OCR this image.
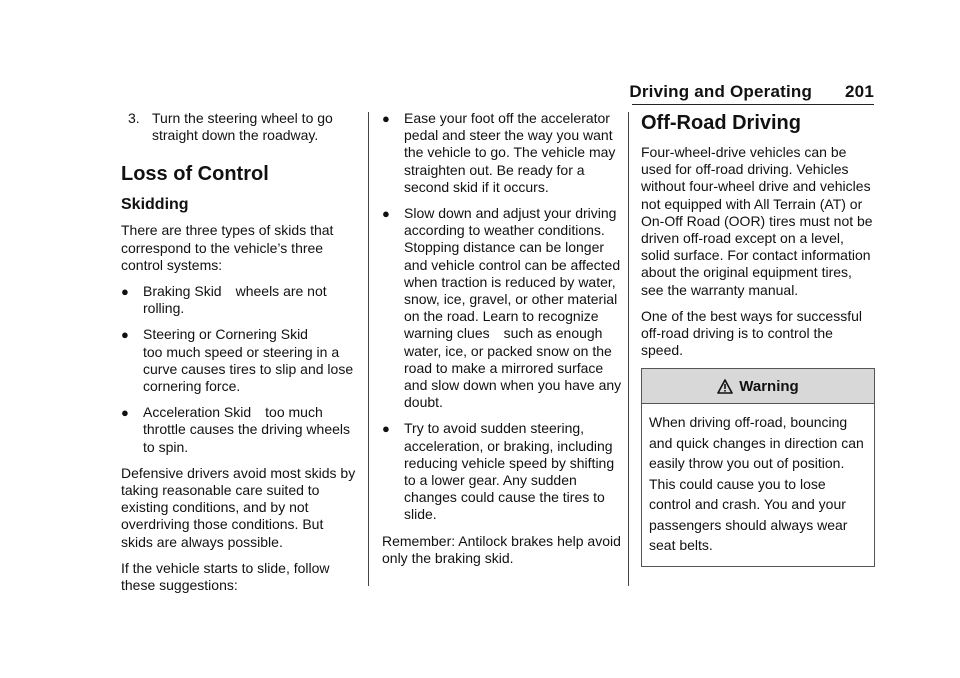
Driving and Operating 201
3. Turn the steering wheel to go straight down the roadway.
Loss of Control
Skidding

There are three types of skids that correspond to the vehicle’s three control systems:

●	Braking Skid wheels are not rolling.
●	Steering or Cornering Skid
too much speed or steering in a curve causes tires to slip and lose cornering force.
●	Acceleration Skid too much throttle causes the driving wheels to spin.

Defensive drivers avoid most skids by taking reasonable care suited to existing conditions, and by not overdriving those conditions. But skids are always possible.

If the vehicle starts to slide, follow these suggestions:

●	Ease your foot off the accelerator pedal and steer the way you want the vehicle to go. The vehicle may straighten out. Be ready for a second skid if it occurs.
●	Slow down and adjust your driving according to weather conditions. Stopping distance can be longer and vehicle control can be affected when traction is reduced by water, snow, ice, gravel, or other material on the road. Learn to recognize warning clues such as enough water, ice, or packed snow on the road to make a mirrored surfaceand slow down when you have any doubt.
●	Try to avoid sudden steering, acceleration, or braking, including reducing vehicle speed by shifting to a lower gear. Any sudden changes could cause the tires to slide.

Remember: Antilock brakes help avoid only the braking skid.

Off-Road Driving

Four-wheel-drive vehicles can be used for off-road driving. Vehicles without four-wheel drive and vehicles not equipped with All Terrain (AT) or On-Off Road (OOR) tires must not be driven off-road except on a level, solid surface. For contact information about the original equipment tires, see the warranty manual.

One of the best ways for successful off-road driving is to control the speed.

Warning
When driving off-road, bouncing and quick changes in direction can easily throw you out of position. This could cause you to lose control and crash. You and your passengers should always wear seat belts.
